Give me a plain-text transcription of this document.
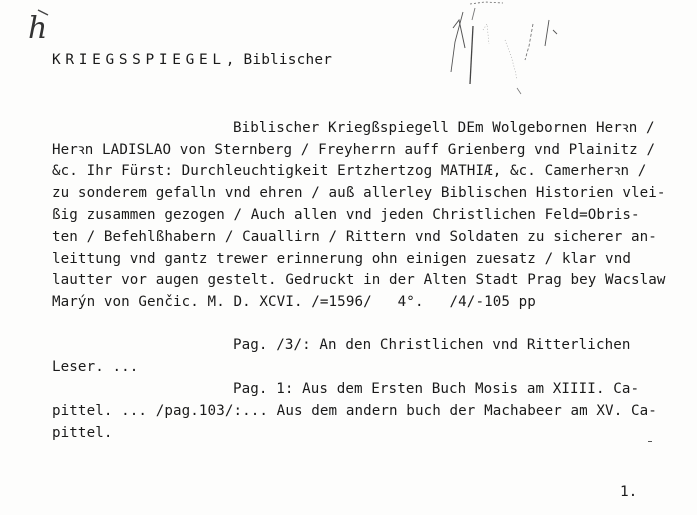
h
KRIEGSSPIEGEL, Biblischer
Biblischer Kriegßspiegell DEm Wolgebornen Herꝛn /
Herꝛn LADISLAO von Sternberg / Freyherrn auff Grienberg vnd Plainitz /
&c. Ihr Fürst: Durchleuchtigkeit Ertzhertzog MATHIÆ, &c. Camerherꝛn /
zu sonderem gefalln vnd ehren / auß allerley Biblischen Historien vlei-
ßig zusammen gezogen / Auch allen vnd jeden Christlichen Feld=Obris-
ten / Befehlßhabern / Cauallirn / Rittern vnd Soldaten zu sicherer an-
leittung vnd gantz trewer erinnerung ohn einigen zuesatz / klar vnd
lautter vor augen gestelt. Gedruckt in der Alten Stadt Prag bey Wacslaw
Marýn von Genčic. M. D. XCVI. /=1596/   4°.   /4/-105 pp
Pag. /3/: An den Christlichen vnd Ritterlichen
Leser. ...
Pag. 1: Aus dem Ersten Buch Mosis am XIIII. Ca-
pittel. ... /pag.103/:... Aus dem andern buch der Machabeer am XV. Ca-
pittel.
1.
